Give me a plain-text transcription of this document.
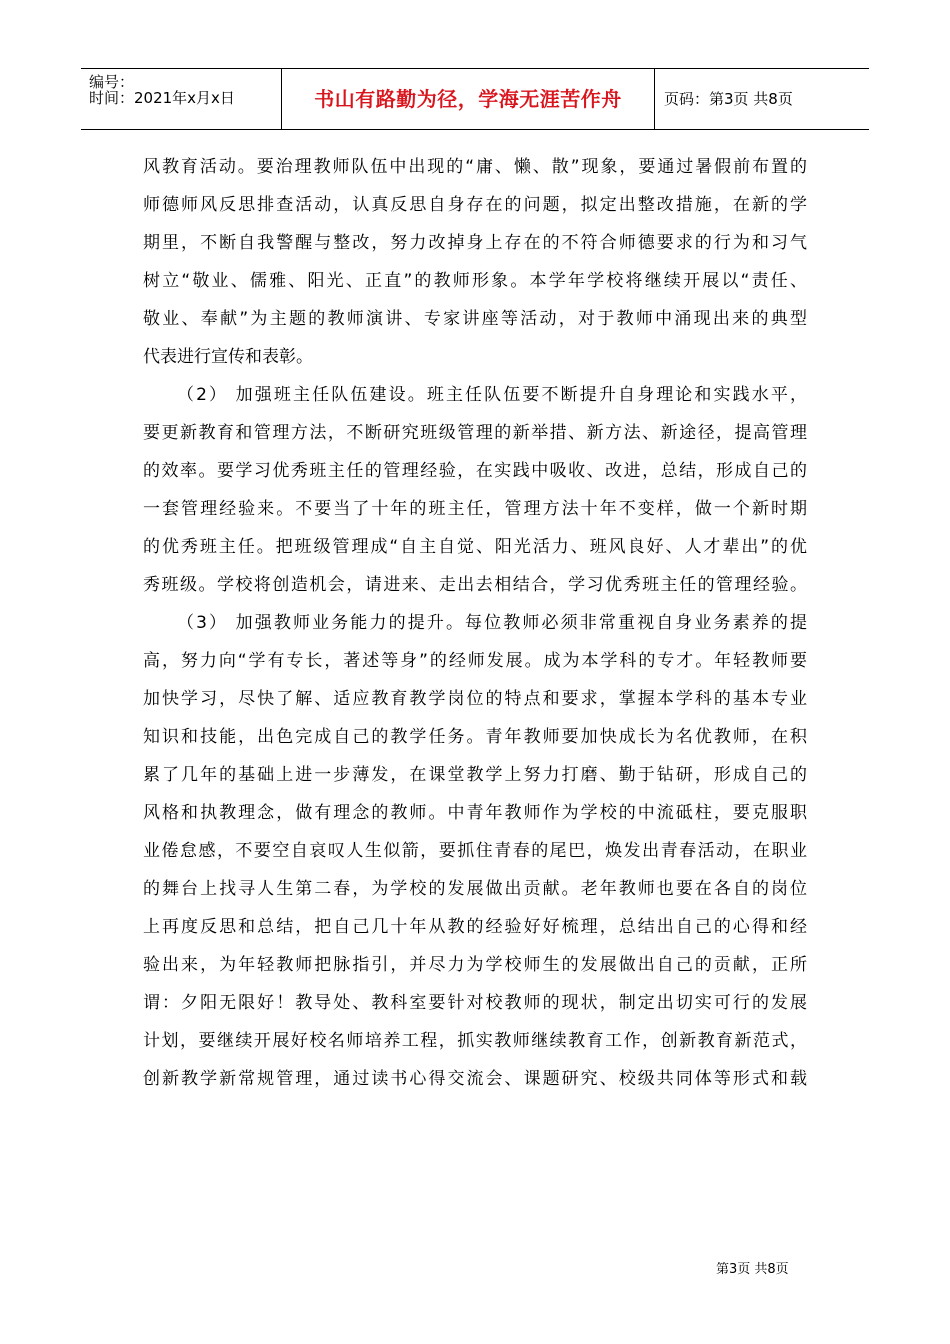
编号：
时间：2021年x月x日	书山有路勤为径，学海无涯苦作舟	页码：第3页 共8页
风教育活动。要治理教师队伍中出现的“庸、懒、散”现象，要通过暑假前布置的
师德师风反思排查活动，认真反思自身存在的问题，拟定出整改措施，在新的学
期里，不断自我警醒与整改，努力改掉身上存在的不符合师德要求的行为和习气
树立“敬业、儒雅、阳光、正直”的教师形象。本学年学校将继续开展以“责任、
敬业、奉献”为主题的教师演讲、专家讲座等活动，对于教师中涌现出来的典型
代表进行宣传和表彰。
（2） 加强班主任队伍建设。班主任队伍要不断提升自身理论和实践水平，
要更新教育和管理方法，不断研究班级管理的新举措、新方法、新途径，提高管理
的效率。要学习优秀班主任的管理经验，在实践中吸收、改进，总结，形成自己的
一套管理经验来。不要当了十年的班主任，管理方法十年不变样，做一个新时期
的优秀班主任。把班级管理成“自主自觉、阳光活力、班风良好、人才辈出”的优
秀班级。学校将创造机会，请进来、走出去相结合，学习优秀班主任的管理经验。
（3） 加强教师业务能力的提升。每位教师必须非常重视自身业务素养的提
高，努力向“学有专长，著述等身”的经师发展。成为本学科的专才。年轻教师要
加快学习，尽快了解、适应教育教学岗位的特点和要求，掌握本学科的基本专业
知识和技能，出色完成自己的教学任务。青年教师要加快成长为名优教师，在积
累了几年的基础上进一步薄发，在课堂教学上努力打磨、勤于钻研，形成自己的
风格和执教理念，做有理念的教师。中青年教师作为学校的中流砥柱，要克服职
业倦怠感，不要空自哀叹人生似箭，要抓住青春的尾巴，焕发出青春活动，在职业
的舞台上找寻人生第二春，为学校的发展做出贡献。老年教师也要在各自的岗位
上再度反思和总结，把自己几十年从教的经验好好梳理，总结出自己的心得和经
验出来，为年轻教师把脉指引，并尽力为学校师生的发展做出自己的贡献，正所
谓：夕阳无限好！教导处、教科室要针对校教师的现状，制定出切实可行的发展
计划，要继续开展好校名师培养工程，抓实教师继续教育工作，创新教育新范式，
创新教学新常规管理，通过读书心得交流会、课题研究、校级共同体等形式和载
第3页 共8页
